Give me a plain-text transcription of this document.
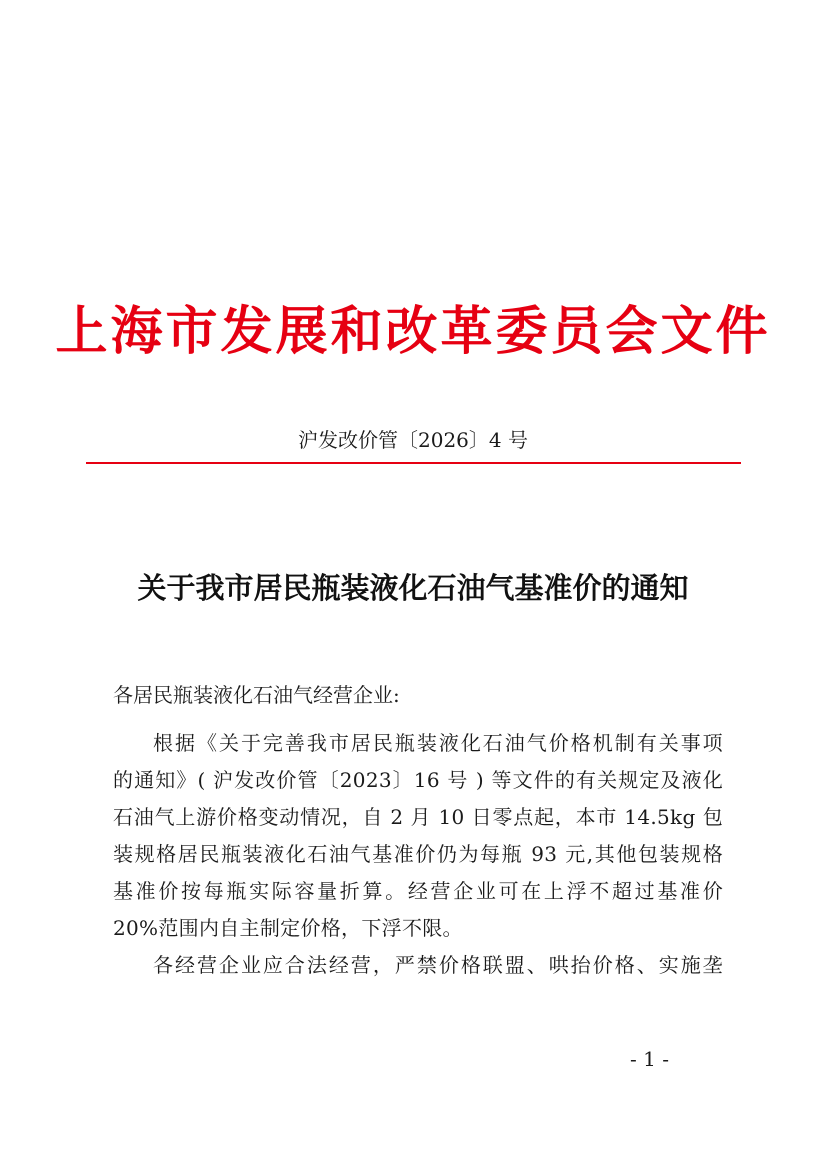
上海市发展和改革委员会文件
沪发改价管〔2026〕4 号
关于我市居民瓶装液化石油气基准价的通知
各居民瓶装液化石油气经营企业:
根据《关于完善我市居民瓶装液化石油气价格机制有关事项
的通知》( 沪发改价管〔2023〕16 号 ) 等文件的有关规定及液化
石油气上游价格变动情况，自 2 月 10 日零点起，本市 14.5kg 包
装规格居民瓶装液化石油气基准价仍为每瓶 93 元,其他包装规格
基准价按每瓶实际容量折算。经营企业可在上浮不超过基准价
20%范围内自主制定价格，下浮不限。
各经营企业应合法经营，严禁价格联盟、哄抬价格、实施垄
- 1 -
